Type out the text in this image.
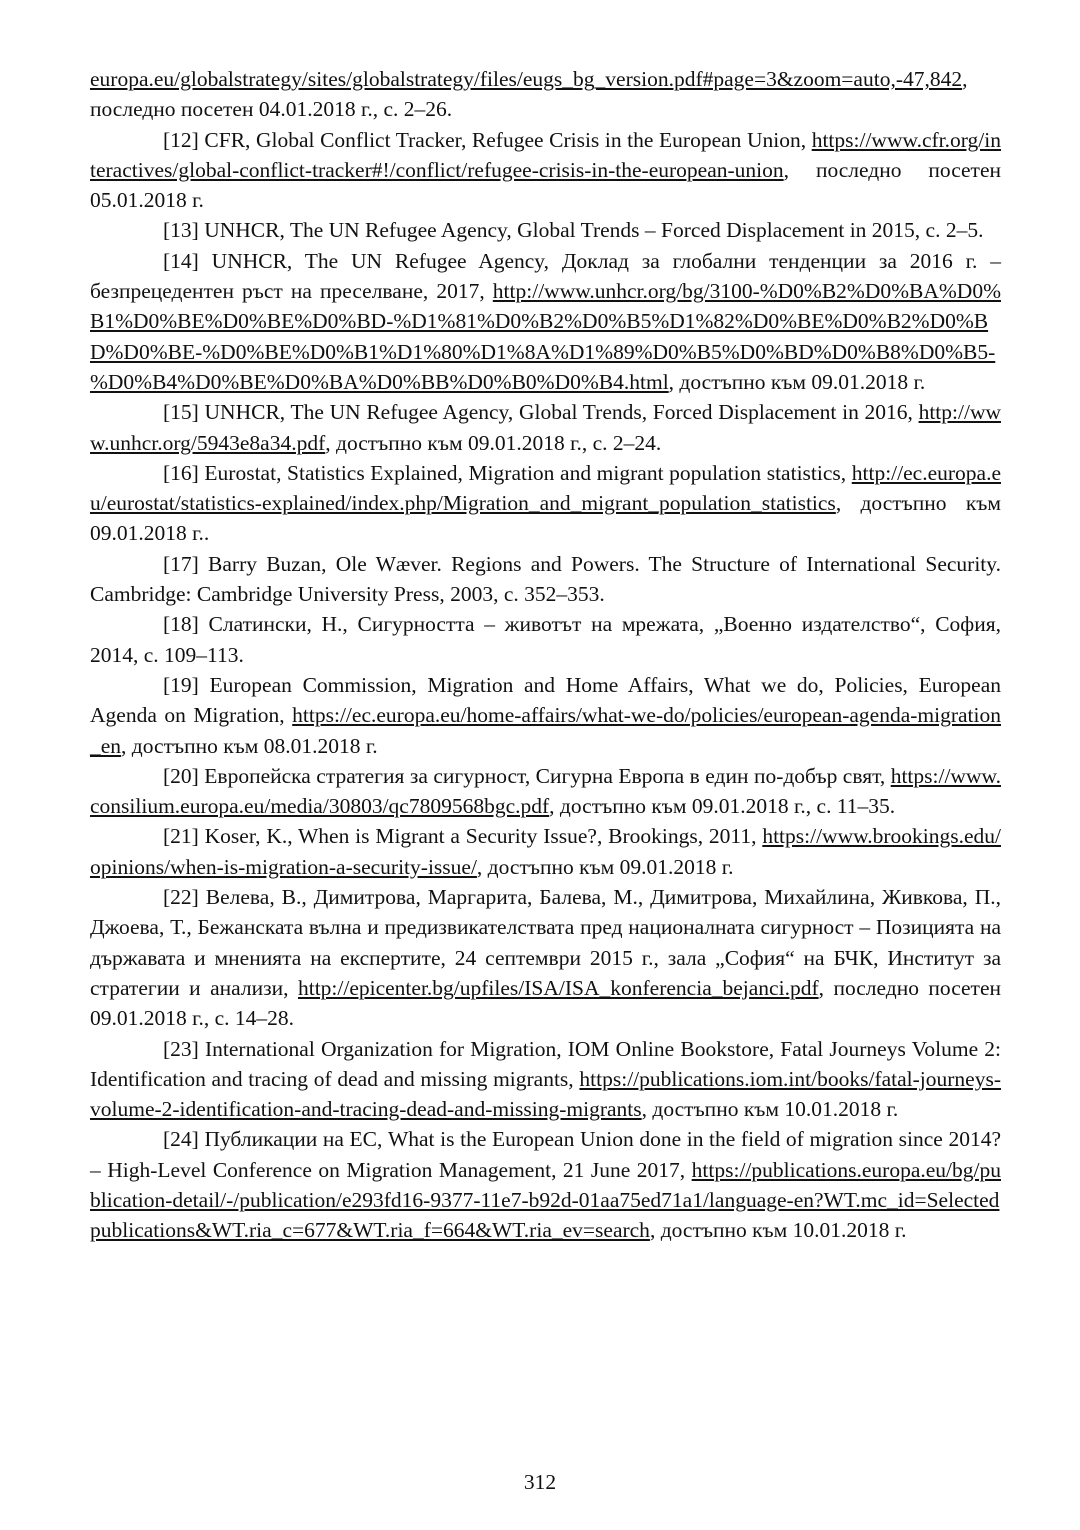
europa.eu/globalstrategy/sites/globalstrategy/files/eugs_bg_version.pdf#page=3&zoom=auto,-47,842, последно посетен 04.01.2018 г., с. 2–26.

[12] CFR, Global Conflict Tracker, Refugee Crisis in the European Union, https://www.cfr.org/interactives/global-conflict-tracker#!/conflict/refugee-crisis-in-the-european-union, последно посетен 05.01.2018 г.

[13] UNHCR, The UN Refugee Agency, Global Trends – Forced Displacement in 2015, с. 2–5.

[14] UNHCR, The UN Refugee Agency, Доклад за глобални тенденции за 2016 г. – безпрецедентен ръст на преселване, 2017, http://www.unhcr.org/bg/3100-%D0%B2%D0%BA%D0%B1%D0%BE%D0%BE%D0%BD-%D1%81%D0%B2%D0%B5%D1%82%D0%BE%D0%B2%D0%BD%D0%BE-%D0%BE%D0%B1%D1%80%D1%8A%D1%89%D0%B5%D0%BD%D0%B8%D0%B5-%D0%B4%D0%BE%D0%BA%D0%BB%D0%B0%D0%B4.html, достъпно към 09.01.2018 г.

[15] UNHCR, The UN Refugee Agency, Global Trends, Forced Displacement in 2016, http://www.unhcr.org/5943e8a34.pdf, достъпно към 09.01.2018 г., с. 2–24.

[16] Eurostat, Statistics Explained, Migration and migrant population statistics, http://ec.europa.eu/eurostat/statistics-explained/index.php/Migration_and_migrant_population_statistics, достъпно към 09.01.2018 г..

[17] Barry Buzan, Ole Wæver. Regions and Powers. The Structure of International Security. Cambridge: Cambridge University Press, 2003, с. 352–353.

[18] Слатински, Н., Сигурността – животът на мрежата, „Военно издателство“, София, 2014, с. 109–113.

[19] European Commission, Migration and Home Affairs, What we do, Policies, European Agenda on Migration, https://ec.europa.eu/home-affairs/what-we-do/policies/european-agenda-migration_en, достъпно към 08.01.2018 г.

[20] Европейска стратегия за сигурност, Сигурна Европа в един по-добър свят, https://www.consilium.europa.eu/media/30803/qc7809568bgc.pdf, достъпно към 09.01.2018 г., с. 11–35.

[21] Koser, K., When is Migrant a Security Issue?, Brookings, 2011, https://www.brookings.edu/opinions/when-is-migration-a-security-issue/, достъпно към 09.01.2018 г.

[22] Велева, В., Димитрова, Маргарита, Балева, М., Димитрова, Михайлина, Живкова, П., Джоева, Т., Бежанската вълна и предизвикателствата пред националната сигурност – Позицията на държавата и мненията на експертите, 24 септември 2015 г., зала „София“ на БЧК, Институт за стратегии и анализи, http://epicenter.bg/upfiles/ISA/ISA_konferencia_bejanci.pdf, последно посетен 09.01.2018 г., с. 14–28.

[23] International Organization for Migration, IOM Online Bookstore, Fatal Journeys Volume 2: Identification and tracing of dead and missing migrants, https://publications.iom.int/books/fatal-journeys-volume-2-identification-and-tracing-dead-and-missing-migrants, достъпно към 10.01.2018 г.

[24] Публикации на ЕС, What is the European Union done in the field of migration since 2014? – High-Level Conference on Migration Management, 21 June 2017, https://publications.europa.eu/bg/publication-detail/-/publication/e293fd16-9377-11e7-b92d-01aa75ed71a1/language-en?WT.mc_id=Selectedpublications&WT.ria_c=677&WT.ria_f=664&WT.ria_ev=search, достъпно към 10.01.2018 г.

312
